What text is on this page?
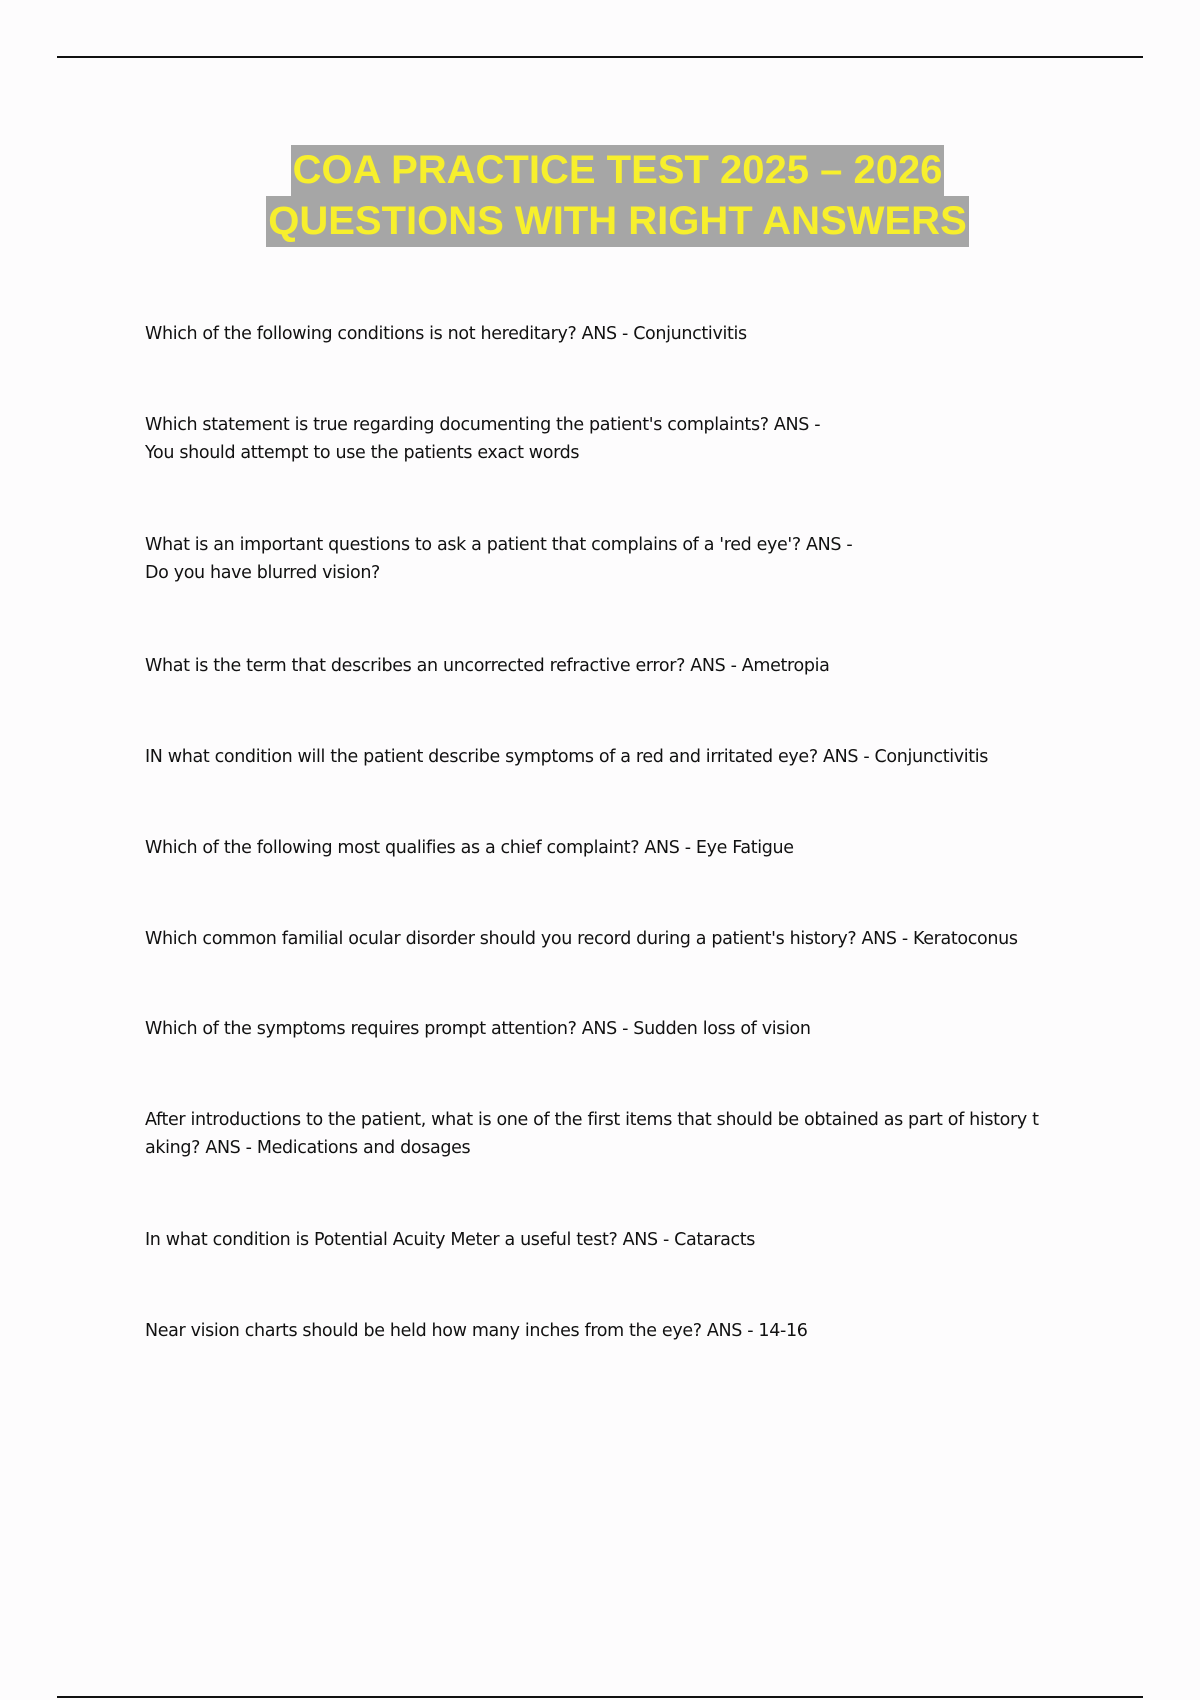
COA PRACTICE TEST 2025 – 2026
QUESTIONS WITH RIGHT ANSWERS

Which of the following conditions is not hereditary? ANS - Conjunctivitis

Which statement is true regarding documenting the patient's complaints? ANS -
You should attempt to use the patients exact words

What is an important questions to ask a patient that complains of a 'red eye'? ANS -
Do you have blurred vision?

What is the term that describes an uncorrected refractive error? ANS - Ametropia

IN what condition will the patient describe symptoms of a red and irritated eye? ANS - Conjunctivitis

Which of the following most qualifies as a chief complaint? ANS - Eye Fatigue

Which common familial ocular disorder should you record during a patient's history? ANS - Keratoconus

Which of the symptoms requires prompt attention? ANS - Sudden loss of vision

After introductions to the patient, what is one of the first items that should be obtained as part of history t
aking? ANS - Medications and dosages

In what condition is Potential Acuity Meter a useful test? ANS - Cataracts

Near vision charts should be held how many inches from the eye? ANS - 14-16
